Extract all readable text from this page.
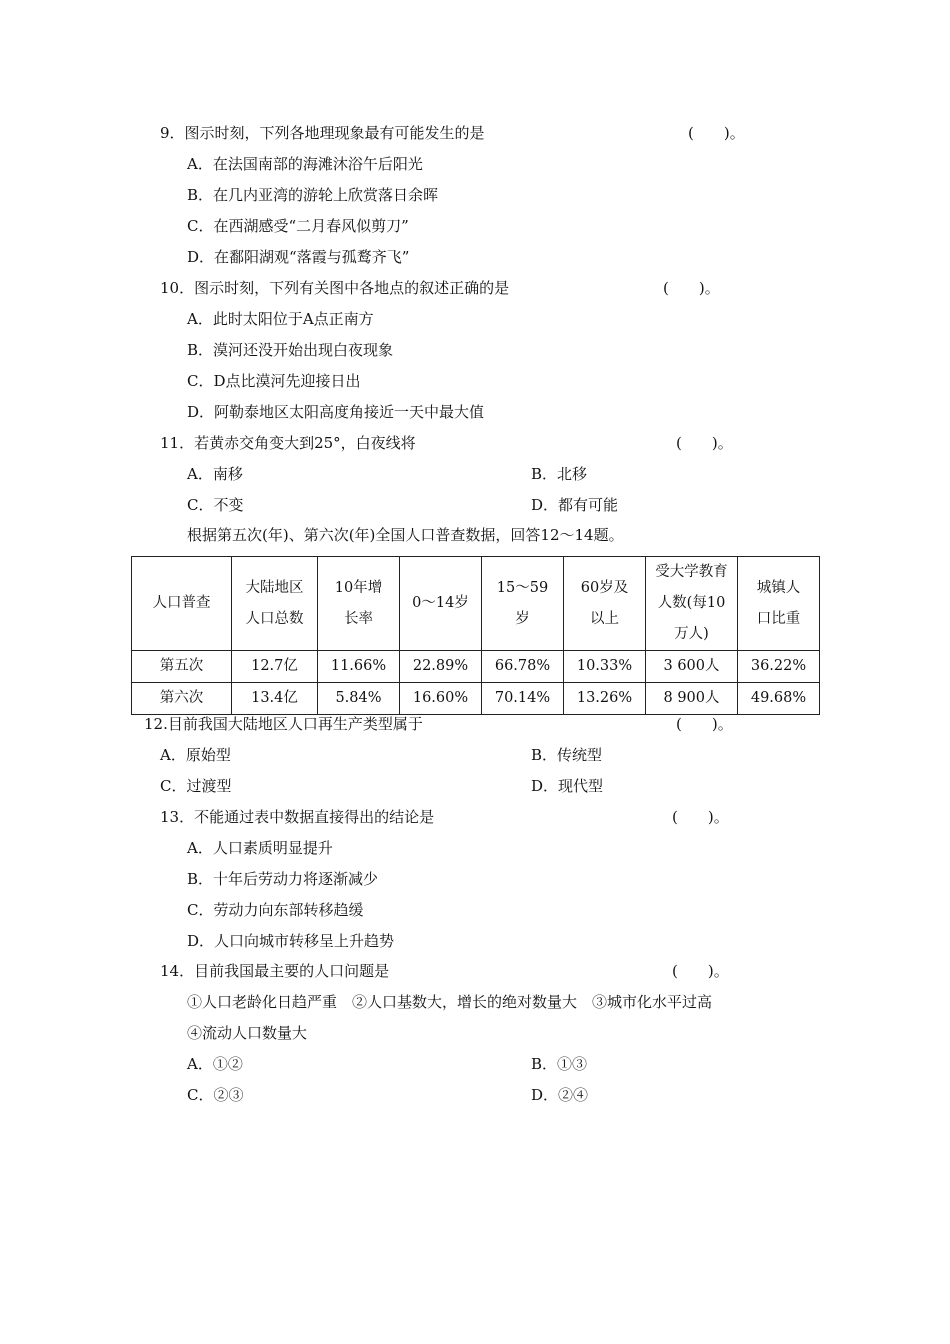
9．图示时刻，下列各地理现象最有可能发生的是	(　　)。
A．在法国南部的海滩沐浴午后阳光
B．在几内亚湾的游轮上欣赏落日余晖
C．在西湖感受“二月春风似剪刀”
D．在鄱阳湖观“落霞与孤鹜齐飞”
10．图示时刻，下列有关图中各地点的叙述正确的是	(　　)。
A．此时太阳位于A点正南方
B．漠河还没开始出现白夜现象
C．D点比漠河先迎接日出
D．阿勒泰地区太阳高度角接近一天中最大值
11．若黄赤交角变大到25°，白夜线将	(　　)。
A．南移	B．北移
C．不变	D．都有可能
根据第五次(年)、第六次(年)全国人口普查数据，回答12～14题。
人口普查	大陆地区人口总数	10年增长率	0～14岁	15～59岁	60岁及以上	受大学教育人数(每10万人)	城镇人口比重

第五次	12.7亿	11.66%	22.89%	66.78%	10.33%	3 600人	36.22%
第六次	13.4亿	5.84%	16.60%	70.14%	13.26%	8 900人	49.68%
12.目前我国大陆地区人口再生产类型属于	(　　)。
A．原始型	B．传统型
C．过渡型	D．现代型
13．不能通过表中数据直接得出的结论是	(　　)。
A．人口素质明显提升
B．十年后劳动力将逐渐减少
C．劳动力向东部转移趋缓
D．人口向城市转移呈上升趋势
14．目前我国最主要的人口问题是	(　　)。
①人口老龄化日趋严重　②人口基数大，增长的绝对数量大　③城市化水平过高
④流动人口数量大
A．①②	B．①③
C．②③	D．②④
